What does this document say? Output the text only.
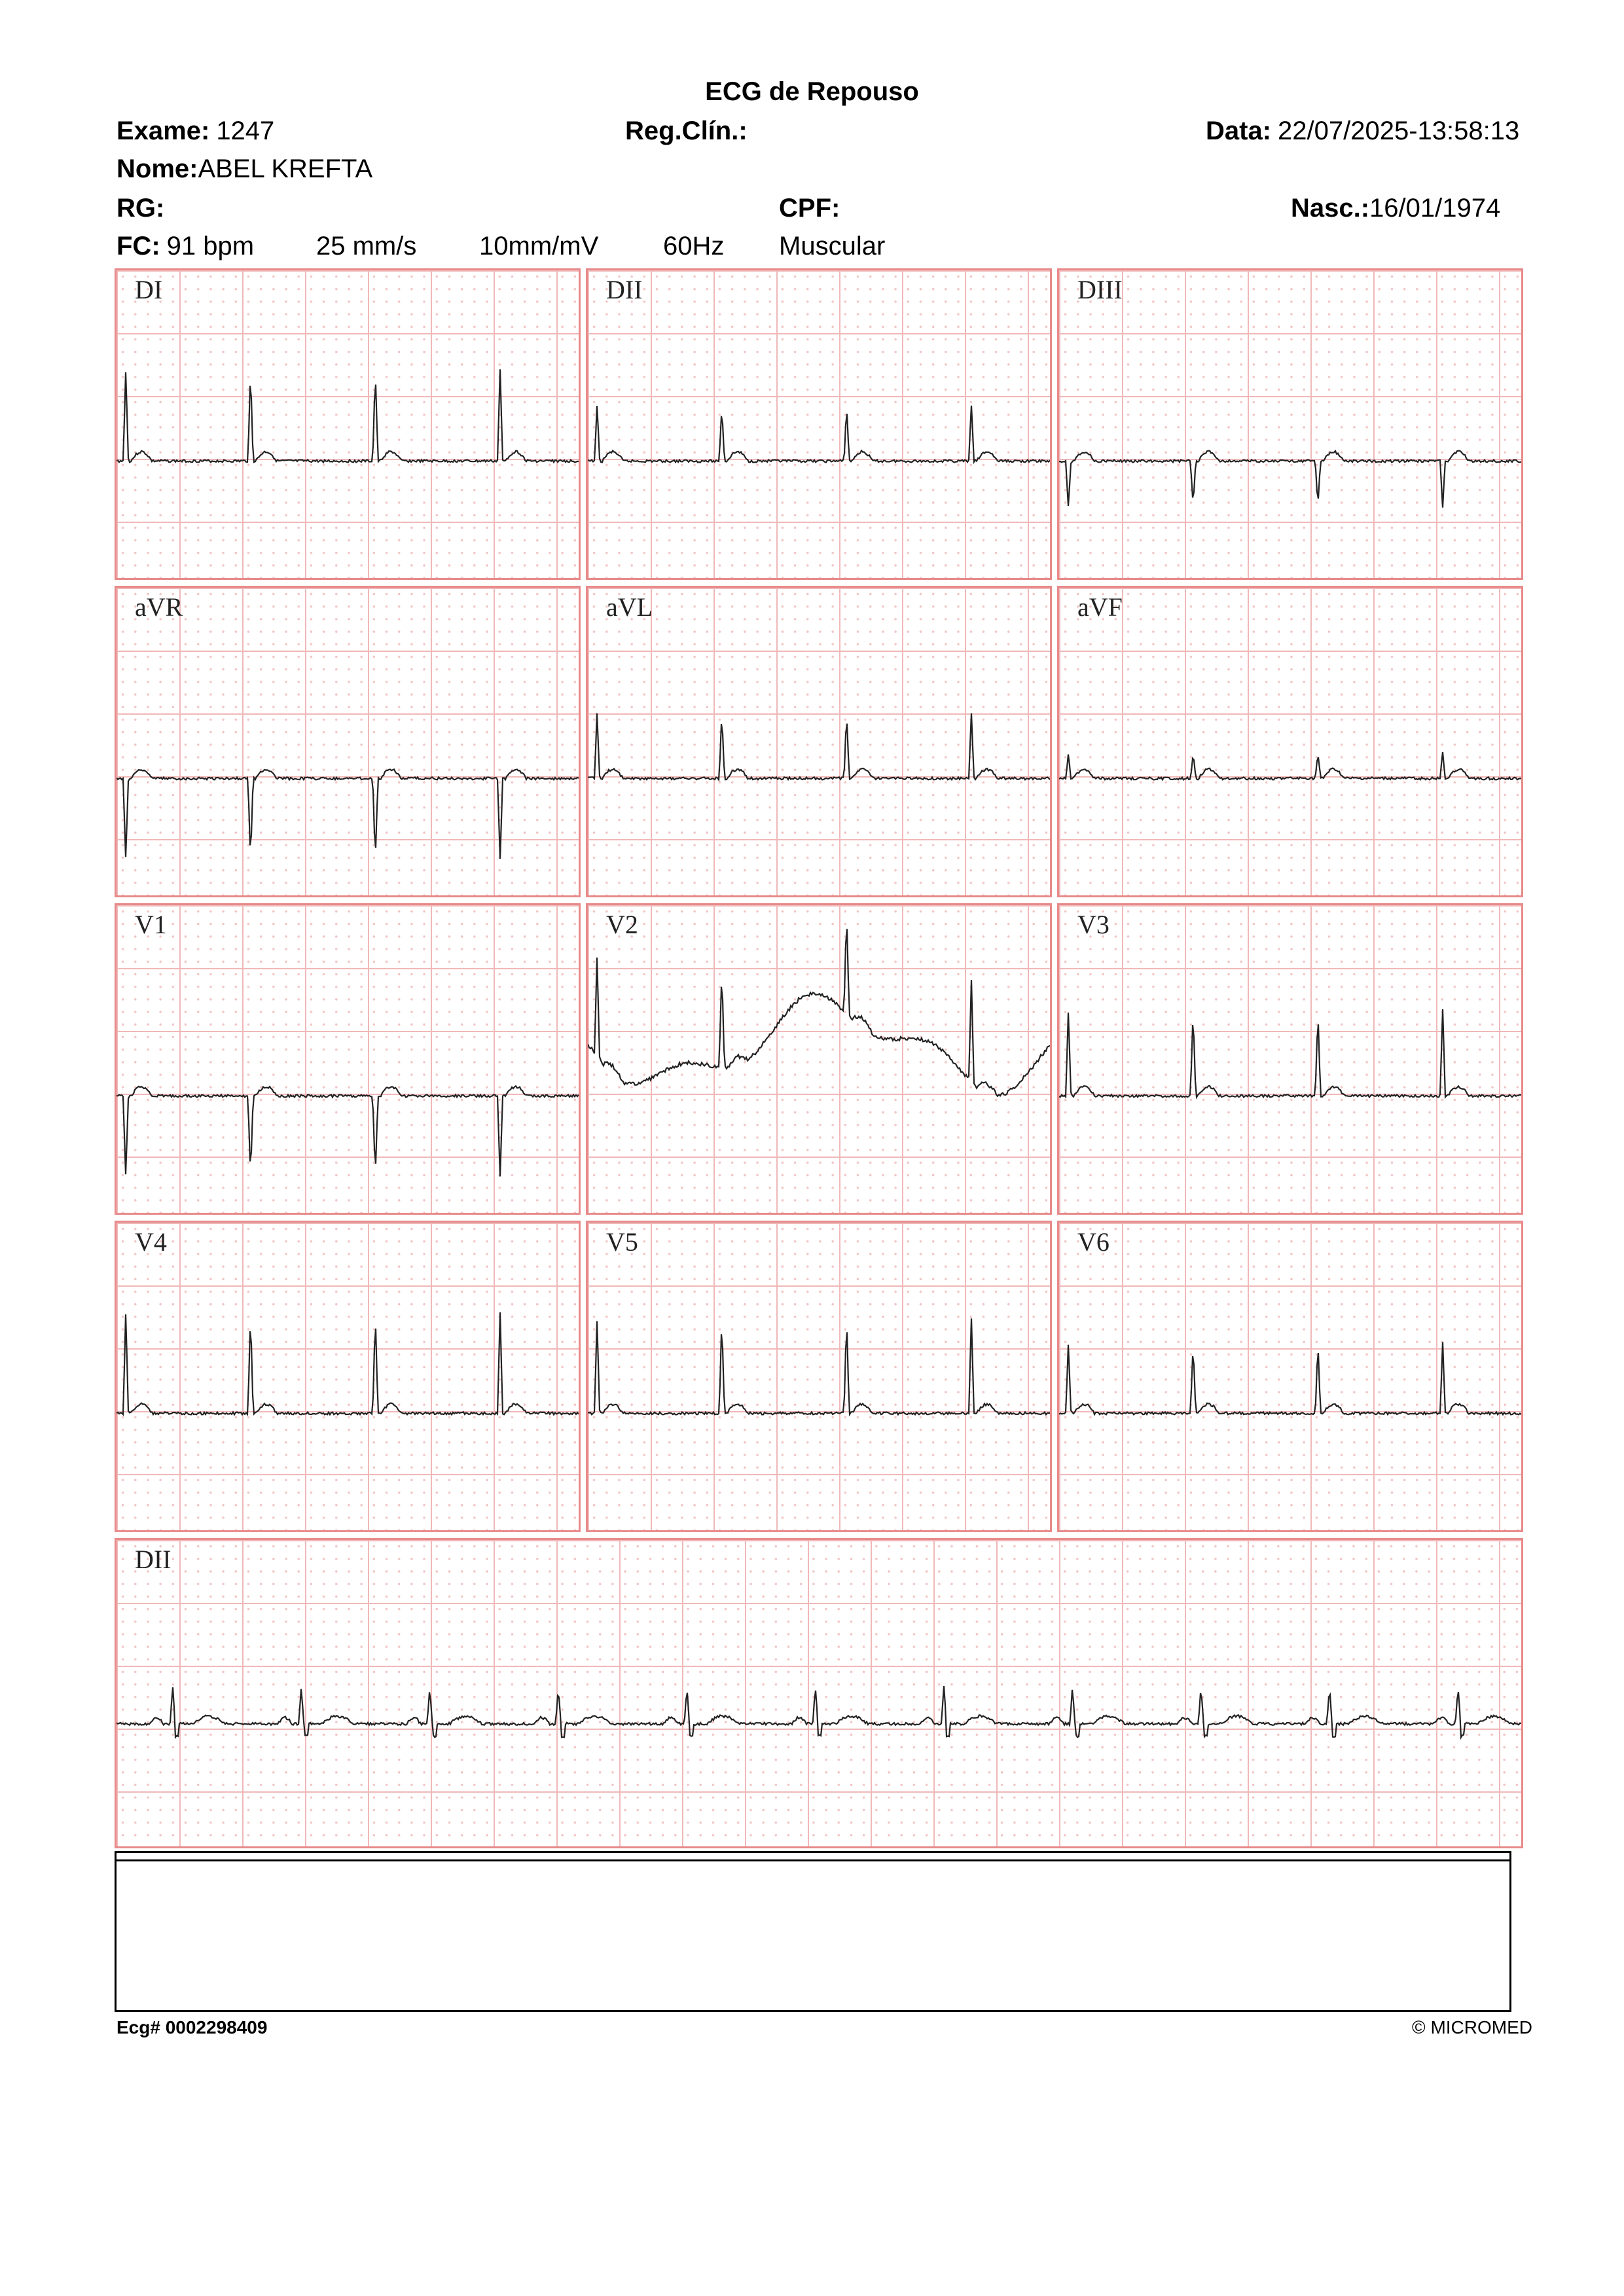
ECG de Repouso
Exame: 1247	Reg.Clín.:	Data: 22/07/2025-13:58:13
Nome:ABEL KREFTA
RG:	CPF:	Nasc.:16/01/1974
FC: 91 bpm 25 mm/s 10mm/mV 60Hz Muscular
DI	DII	DIII
aVR	aVL	aVF
V1	V2	V3
V4	V5	V6
DII
Ecg# 0002298409	© MICROMED
